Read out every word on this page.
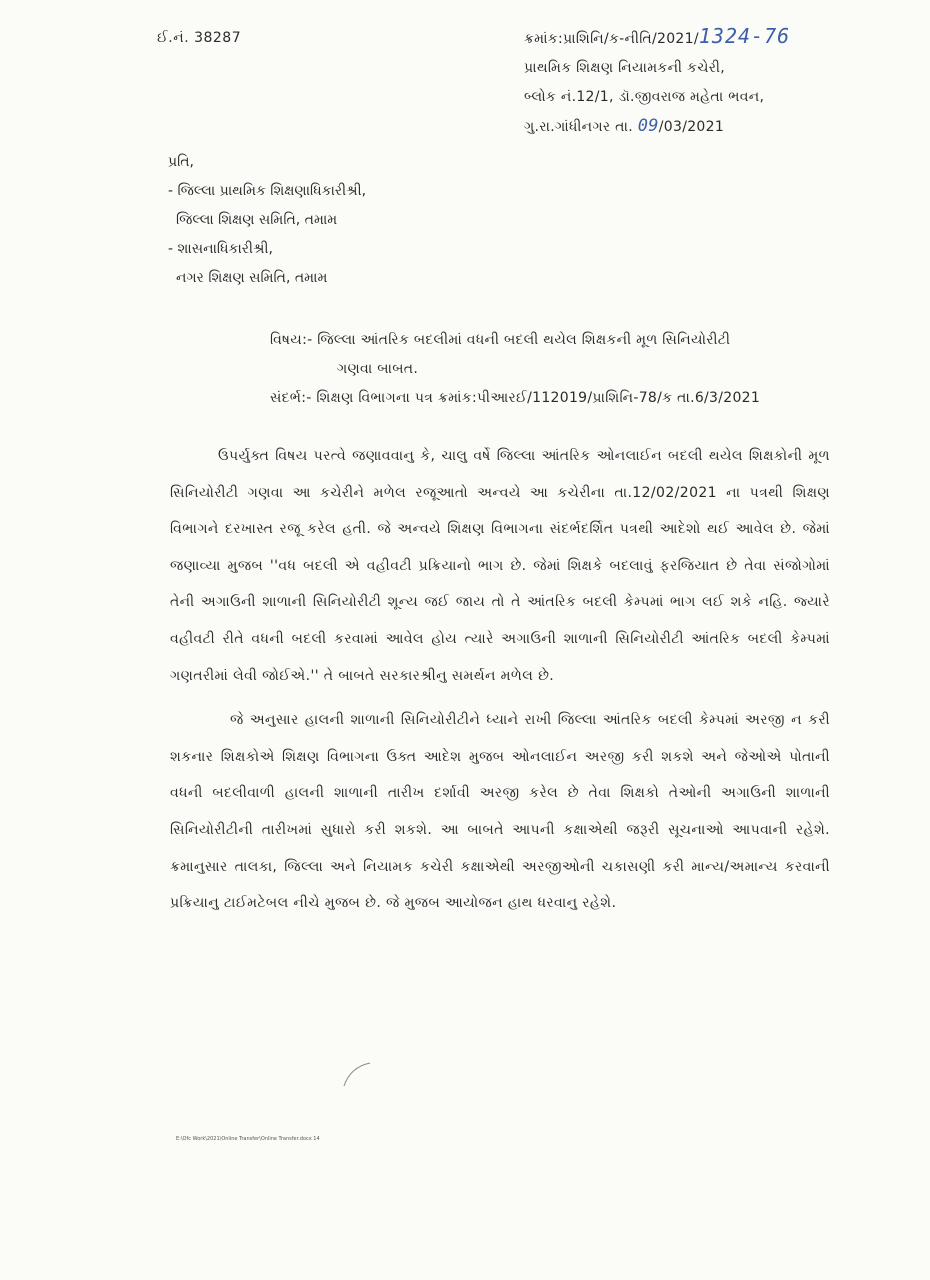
ઈ.નં. 38287	ક્રમાંક:પ્રાશિનિ/ક-નીતિ/2021/1324-76
પ્રાથમિક શિક્ષણ નિયામકની કચેરી,
બ્લોક નં.12/1, ડૉ.જીવરાજ મહેતા ભવન,
ગુ.રા.ગાંધીનગર તા. 09/03/2021
પ્રતિ,
- જિલ્લા પ્રાથમિક શિક્ષણાધિકારીશ્રી,
જિલ્લા શિક્ષણ સમિતિ, તમામ
- શાસનાધિકારીશ્રી,
નગર શિક્ષણ સમિતિ, તમામ
વિષય:- જિલ્લા આંતરિક બદલીમાં વધની બદલી થયેલ શિક્ષકની મૂળ સિનિયોરીટી
ગણવા બાબત.
સંદર્ભ:- શિક્ષણ વિભાગના પત્ર ક્રમાંક:પીઆરઈ/112019/પ્રાશિનિ-78/ક તા.6/3/2021

ઉપર્યુક્ત વિષય પરત્વે જણાવવાનુ કે, ચાલુ વર્ષે જિલ્લા આંતરિક ઓનલાઈન બદલી થયેલ શિક્ષકોની મૂળ સિનિયોરીટી ગણવા આ કચેરીને મળેલ રજૂઆતો અન્વયે આ કચેરીના તા.12/02/2021 ના પત્રથી શિક્ષણ વિભાગને દરખાસ્ત રજૂ કરેલ હતી. જે અન્વયે શિક્ષણ વિભાગના સંદર્ભદર્શિત પત્રથી આદેશો થઈ આવેલ છે. જેમાં જણાવ્યા મુજબ ''વધ બદલી એ વહીવટી પ્રક્રિયાનો ભાગ છે. જેમાં શિક્ષકે બદલાવું ફરજિયાત છે તેવા સંજોગોમાં તેની અગાઉની શાળાની સિનિયોરીટી શૂન્ય જઈ જાય તો તે આંતરિક બદલી કેમ્પમાં ભાગ લઈ શકે નહિ. જ્યારે વહીવટી રીતે વધની બદલી કરવામાં આવેલ હોય ત્યારે અગાઉની શાળાની સિનિયોરીટી આંતરિક બદલી કેમ્પમાં ગણતરીમાં લેવી જોઈએ.'' તે બાબતે સરકારશ્રીનુ સમર્થન મળેલ છે.

જે અનુસાર હાલની શાળાની સિનિયોરીટીને ધ્યાને રાખી જિલ્લા આંતરિક બદલી કેમ્પમાં અરજી ન કરી શકનાર શિક્ષકોએ શિક્ષણ વિભાગના ઉક્ત આદેશ મુજબ ઓનલાઈન અરજી કરી શકશે અને જેઓએ પોતાની વધની બદલીવાળી હાલની શાળાની તારીખ દર્શાવી અરજી કરેલ છે તેવા શિક્ષકો તેઓની અગાઉની શાળાની સિનિયોરીટીની તારીખમાં સુધારો કરી શકશે. આ બાબતે આપની કક્ષાએથી જરૂરી સૂચનાઓ આપવાની રહેશે. ક્રમાનુસાર તાલકા, જિલ્લા અને નિયામક કચેરી કક્ષાએથી અરજીઓની ચકાસણી કરી માન્ય/અમાન્ય કરવાની પ્રક્રિયાનુ ટાઈમટેબલ નીચે મુજબ છે. જે મુજબ આયોજન હાથ ધરવાનુ રહેશે.

E:\Ofc Work\2021\Online Transfer\Online Transfer.docx 14
